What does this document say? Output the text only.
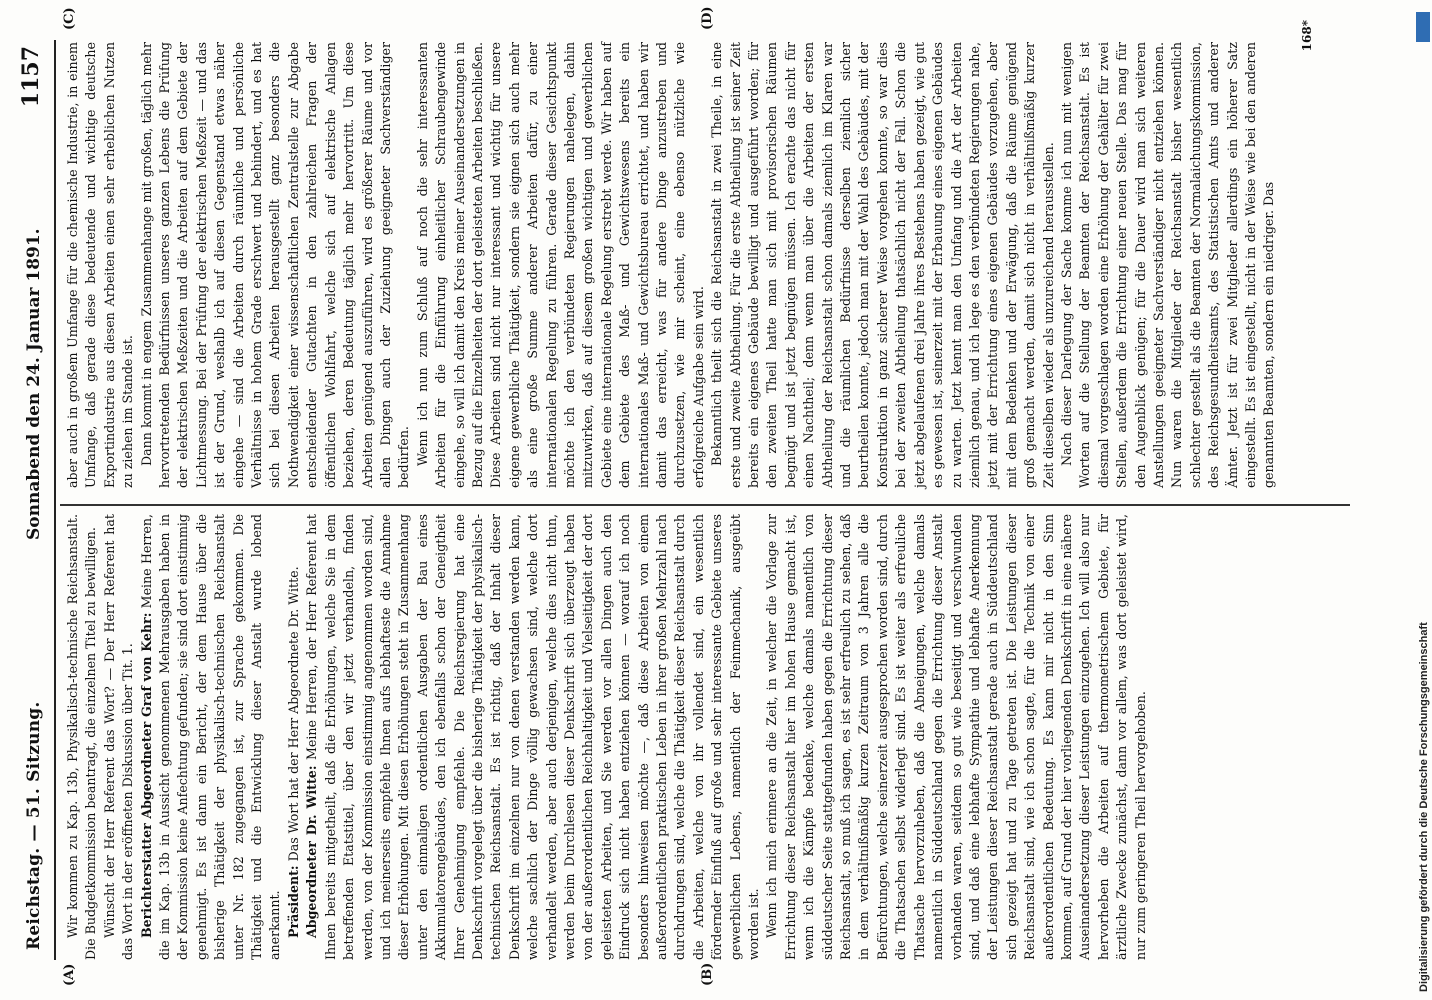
Reichstag. — 51. Sitzung.
Sonnabend den 24. Januar 1891.
1157
(A)	(B)
(C)	(D)

Wir kommen zu Kap. 13b, Physikalisch-technische Reichsanstalt. Die Budgetkommission beantragt, die einzelnen Titel zu bewilligen. Wünscht der Herr Referent das Wort? — Der Herr Referent hat das Wort in der eröffneten Diskussion über Tit. 1. Berichterstatter Abgeordneter Graf von Kehr: Meine Herren, die im Kap. 13b in Aussicht genommenen Mehrausgaben haben in der Kommission keine Anfechtung gefunden; sie sind dort einstimmig genehmigt. Es ist dann ein Bericht, der dem Hause über die bisherige Thätigkeit der physikalisch-technischen Reichsanstalt unter Nr. 182 zugegangen ist, zur Sprache gekommen. Die Thätigkeit und die Entwicklung dieser Anstalt wurde lobend anerkannt. Präsident: Das Wort hat der Herr Abgeordnete Dr. Witte. Abgeordneter Dr. Witte: Meine Herren, der Herr Referent hat Ihnen bereits mitgetheilt, daß die Erhöhungen, welche Sie in dem betreffenden Etatstitel, über den wir jetzt verhandeln, finden werden, von der Kommission einstimmig angenommen worden sind, und ich meinerseits empfehle Ihnen aufs lebhafteste die Annahme dieser Erhöhungen. Mit diesen Erhöhungen steht in Zusammenhang unter den einmaligen ordentlichen Ausgaben der Bau eines Akkumulatorengebäudes, den ich ebenfalls schon der Geneigtheit Ihrer Genehmigung empfehle. Die Reichsregierung hat eine Denkschrift vorgelegt über die bisherige Thätigkeit der physikalisch-technischen Reichsanstalt. Es ist richtig, daß der Inhalt dieser Denkschrift im einzelnen nur von denen verstanden werden kann, welche sachlich der Dinge völlig gewachsen sind, welche dort verhandelt werden, aber auch derjenigen, welche dies nicht thun, werden beim Durchlesen dieser Denkschrift sich überzeugt haben von der außerordentlichen Reichhaltigkeit und Vielseitigkeit der dort geleisteten Arbeiten, und Sie werden vor allen Dingen auch den Eindruck sich nicht haben entziehen können — worauf ich noch besonders hinweisen möchte —, daß diese Arbeiten von einem außerordentlichen praktischen Leben in ihrer großen Mehrzahl nach durchdrungen sind, welche die Thätigkeit dieser Reichsanstalt durch die Arbeiten, welche von ihr vollendet sind, ein wesentlich fördernder Einfluß auf große und sehr interessante Gebiete unseres gewerblichen Lebens, namentlich der Feinmechanik, ausgeübt worden ist. Wenn ich mich erinnere an die Zeit, in welcher die Vorlage zur Errichtung dieser Reichsanstalt hier im hohen Hause gemacht ist, wenn ich die Kämpfe bedenke, welche damals namentlich von süddeutscher Seite stattgefunden haben gegen die Errichtung dieser Reichsanstalt, so muß ich sagen, es ist sehr erfreulich zu sehen, daß in dem verhältnißmäßig kurzen Zeitraum von 3 Jahren alle die Befürchtungen, welche seinerzeit ausgesprochen worden sind, durch die Thatsachen selbst widerlegt sind. Es ist weiter als erfreuliche Thatsache hervorzuheben, daß die Abneigungen, welche damals namentlich in Süddeutschland gegen die Errichtung dieser Anstalt vorhanden waren, seitdem so gut wie beseitigt und verschwunden sind, und daß eine lebhafte Sympathie und lebhafte Anerkennung der Leistungen dieser Reichsanstalt gerade auch in Süddeutschland sich gezeigt hat und zu Tage getreten ist. Die Leistungen dieser Reichsanstalt sind, wie ich schon sagte, für die Technik von einer außerordentlichen Bedeutung. Es kann mir nicht in den Sinn kommen, auf Grund der hier vorliegenden Denkschrift in eine nähere Auseinandersetzung dieser Leistungen einzugehen. Ich will also nur hervorheben die Arbeiten auf thermometrischem Gebiete, für ärztliche Zwecke zunächst, dann vor allem, was dort geleistet wird, nur zum geringeren Theil hervorgehoben.

aber auch in großem Umfange für die chemische Industrie, in einem Umfange, daß gerade diese bedeutende und wichtige deutsche Exportindustrie aus diesen Arbeiten einen sehr erheblichen Nutzen zu ziehen im Stande ist. Dann kommt in engem Zusammenhange mit großen, täglich mehr hervortretenden Bedürfnissen unseres ganzen Lebens die Prüfung der elektrischen Meßzeiten und die Arbeiten auf dem Gebiete der Lichtmessung. Bei der Prüfung der elektrischen Meßzeit — und das ist der Grund, weshalb ich auf diesen Gegenstand etwas näher eingehe — sind die Arbeiten durch räumliche und persönliche Verhältnisse in hohem Grade erschwert und behindert, und es hat sich bei diesen Arbeiten herausgestellt ganz besonders die Nothwendigkeit einer wissenschaftlichen Zentralstelle zur Abgabe entscheidender Gutachten in den zahlreichen Fragen der öffentlichen Wohlfahrt, welche sich auf elektrische Anlagen beziehen, deren Bedeutung täglich mehr hervortritt. Um diese Arbeiten genügend auszuführen, wird es größerer Räume und vor allen Dingen auch der Zuziehung geeigneter Sachverständiger bedürfen. Wenn ich nun zum Schluß auf noch die sehr interessanten Arbeiten für die Einführung einheitlicher Schraubengewinde eingehe, so will ich damit den Kreis meiner Auseinandersetzungen in Bezug auf die Einzelheiten der dort geleisteten Arbeiten beschließen. Diese Arbeiten sind nicht nur interessant und wichtig für unsere eigene gewerbliche Thätigkeit, sondern sie eignen sich auch mehr als eine große Summe anderer Arbeiten dafür, zu einer internationalen Regelung zu führen. Gerade dieser Gesichtspunkt möchte ich den verbündeten Regierungen nahelegen, dahin mitzuwirken, daß auf diesem großen wichtigen und gewerblichen Gebiete eine internationale Regelung erstrebt werde. Wir haben auf dem Gebiete des Maß- und Gewichtswesens bereits ein internationales Maß- und Gewichtsbureau errichtet, und haben wir damit das erreicht, was für andere Dinge anzustreben und durchzusetzen, wie mir scheint, eine ebenso nützliche wie erfolgreiche Aufgabe sein wird. Bekanntlich theilt sich die Reichsanstalt in zwei Theile, in eine erste und zweite Abtheilung. Für die erste Abtheilung ist seiner Zeit bereits ein eigenes Gebäude bewilligt und ausgeführt worden; für den zweiten Theil hatte man sich mit provisorischen Räumen begnügt und ist jetzt begnügen müssen. Ich erachte das nicht für einen Nachtheil; denn wenn man über die Arbeiten der ersten Abtheilung der Reichsanstalt schon damals ziemlich im Klaren war und die räumlichen Bedürfnisse derselben ziemlich sicher beurtheilen konnte, jedoch man mit der Wahl des Gebäudes, mit der Konstruktion in ganz sicherer Weise vorgehen konnte, so war dies bei der zweiten Abtheilung thatsächlich nicht der Fall. Schon die jetzt abgelaufenen drei Jahre ihres Bestehens haben gezeigt, wie gut es gewesen ist, seinerzeit mit der Erbauung eines eigenen Gebäudes zu warten. Jetzt kennt man den Umfang und die Art der Arbeiten ziemlich genau, und ich lege es den verbündeten Regierungen nahe, jetzt mit der Errichtung eines eigenen Gebäudes vorzugehen, aber mit dem Bedenken und der Erwägung, daß die Räume genügend groß gemacht werden, damit sich nicht in verhältnißmäßig kurzer Zeit dieselben wieder als unzureichend herausstellen. Nach dieser Darlegung der Sache komme ich nun mit wenigen Worten auf die Stellung der Beamten der Reichsanstalt. Es ist diesmal vorgeschlagen worden eine Erhöhung der Gehälter für zwei Stellen, außerdem die Errichtung einer neuen Stelle. Das mag für den Augenblick genügen; für die Dauer wird man sich weiteren Anstellungen geeigneter Sachverständiger nicht entziehen können. Nun waren die Mitglieder der Reichsanstalt bisher wesentlich schlechter gestellt als die Beamten der Normalaichungskommission, des Reichsgesundheitsamts, des Statistischen Amts und anderer Ämter. Jetzt ist für zwei Mitglieder allerdings ein höherer Satz eingestellt. Es ist eingestellt, nicht in der Weise wie bei den anderen genannten Beamten, sondern ein niedriger. Das

168*
Digitalisierung gefördert durch die Deutsche Forschungsgemeinschaft
